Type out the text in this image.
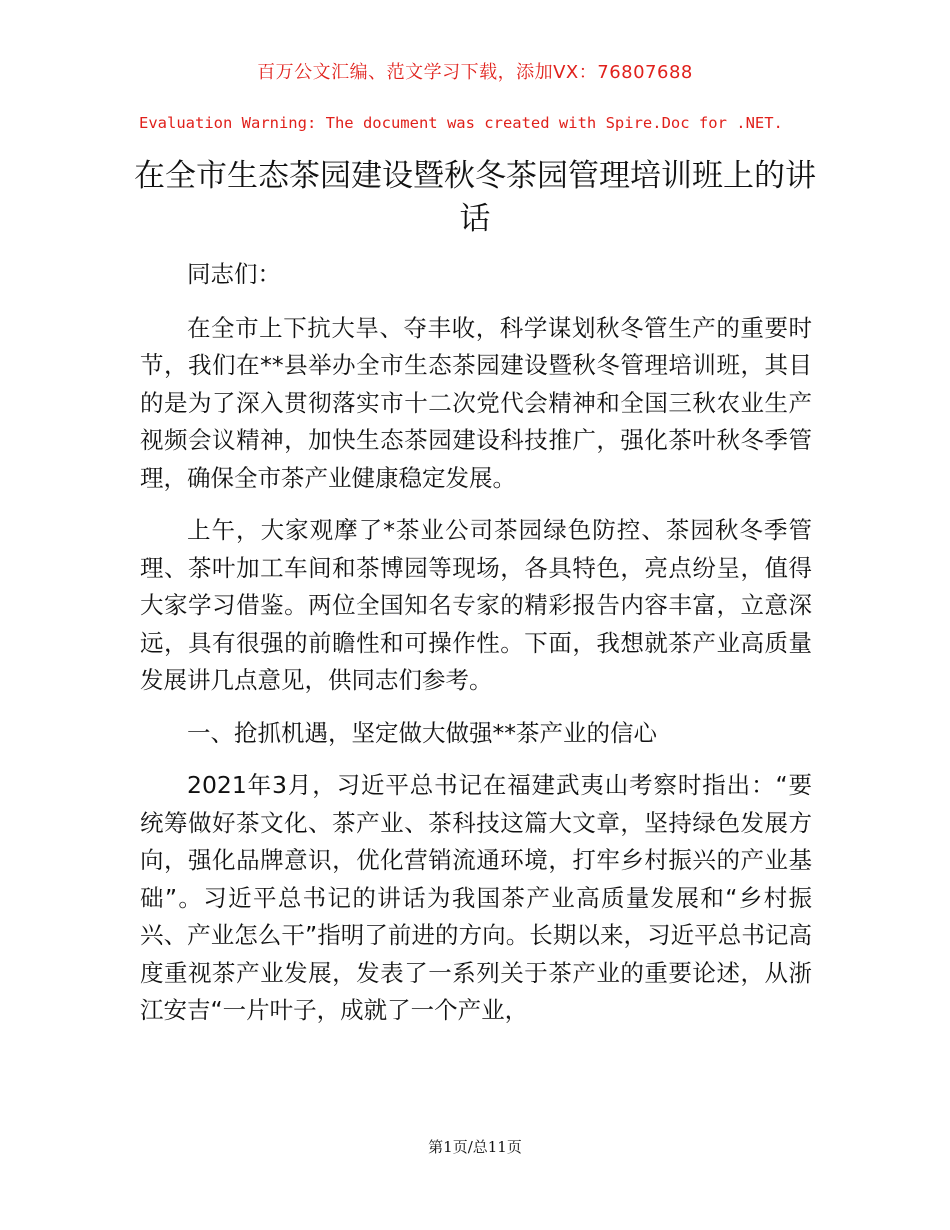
百万公文汇编、范文学习下载，添加VX：76807688
Evaluation Warning: The document was created with Spire.Doc for .NET.
在全市生态茶园建设暨秋冬茶园管理培训班上的讲话

同志们：

在全市上下抗大旱、夺丰收，科学谋划秋冬管生产的重要时节，我们在**县举办全市生态茶园建设暨秋冬管理培训班，其目的是为了深入贯彻落实市十二次党代会精神和全国三秋农业生产视频会议精神，加快生态茶园建设科技推广，强化茶叶秋冬季管理，确保全市茶产业健康稳定发展。

上午，大家观摩了*茶业公司茶园绿色防控、茶园秋冬季管理、茶叶加工车间和茶博园等现场，各具特色，亮点纷呈，值得大家学习借鉴。两位全国知名专家的精彩报告内容丰富，立意深远，具有很强的前瞻性和可操作性。下面，我想就茶产业高质量发展讲几点意见，供同志们参考。

一、抢抓机遇，坚定做大做强**茶产业的信心

2021年3月，习近平总书记在福建武夷山考察时指出：“要统筹做好茶文化、茶产业、茶科技这篇大文章，坚持绿色发展方向，强化品牌意识，优化营销流通环境，打牢乡村振兴的产业基础”。习近平总书记的讲话为我国茶产业高质量发展和“乡村振兴、产业怎么干”指明了前进的方向。长期以来，习近平总书记高度重视茶产业发展，发表了一系列关于茶产业的重要论述，从浙江安吉“一片叶子，成就了一个产业，

第1页/总11页
